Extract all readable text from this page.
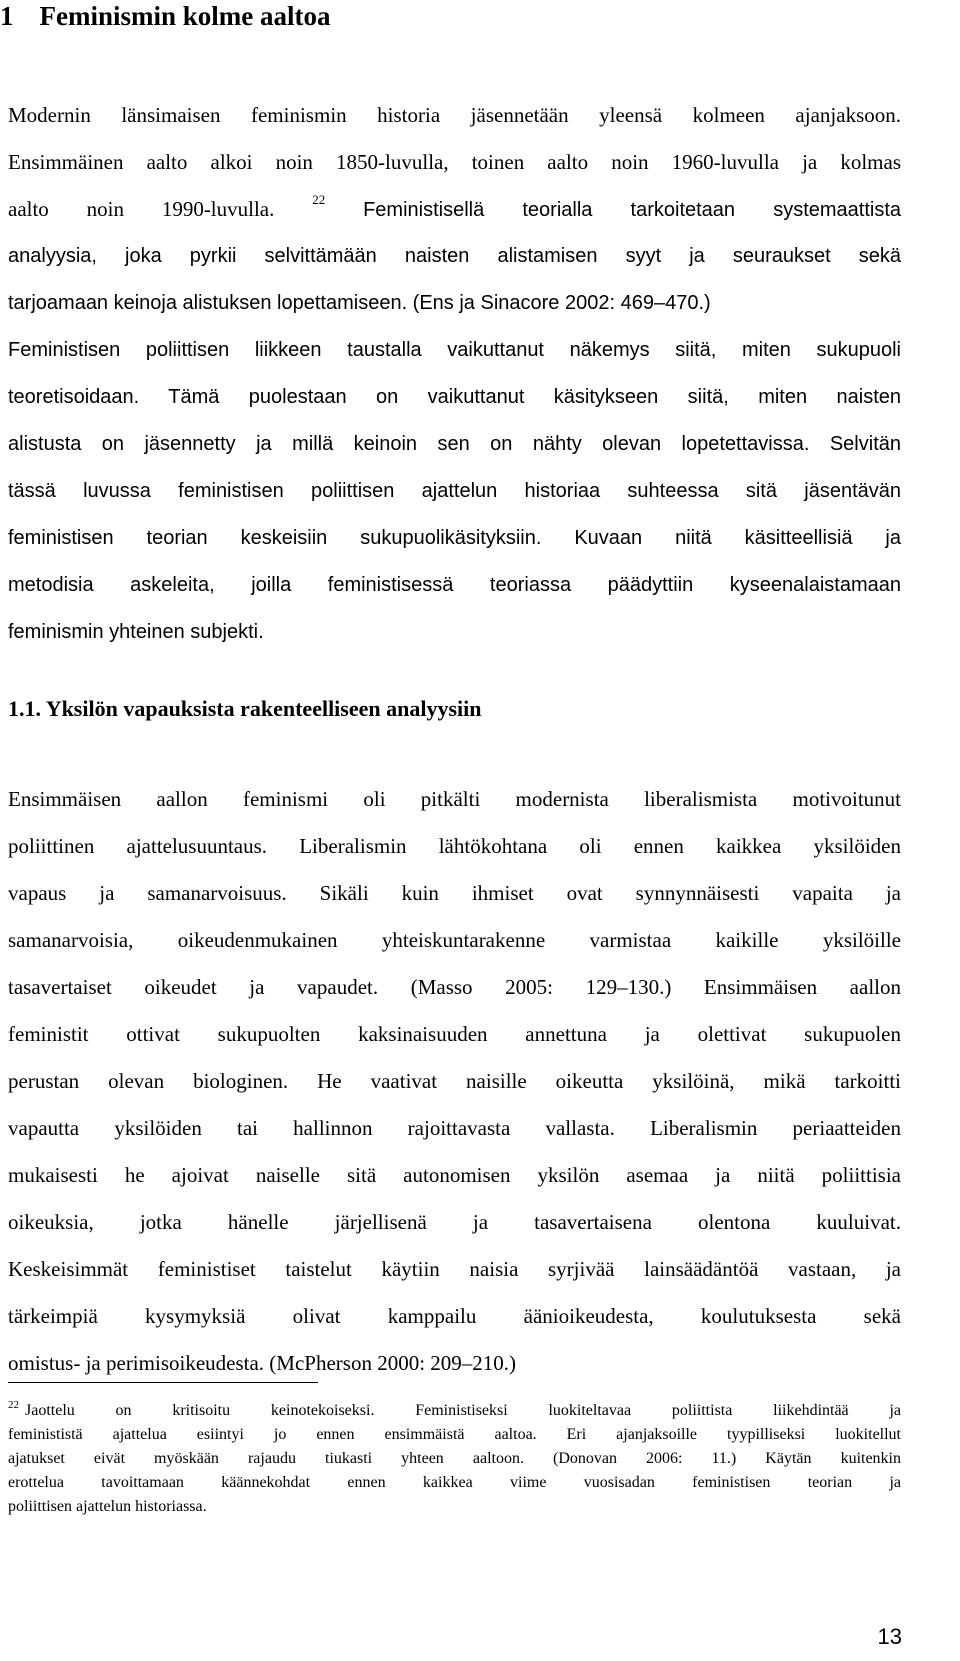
1 Feminismin kolme aaltoa
Modernin länsimaisen feminismin historia jäsennetään yleensä kolmeen ajanjaksoon.
Ensimmäinen aalto alkoi noin 1850-luvulla, toinen aalto noin 1960-luvulla ja kolmas
aalto noin 1990-luvulla.	$^{22}$ Feministisellä teorialla tarkoitetaan systemaattista
analyysia, joka pyrkii selvittämään naisten alistamisen syyt ja seuraukset sekä
tarjoamaan keinoja alistuksen lopettamiseen. (Ens ja Sinacore 2002: 469–470.)
Feministisen poliittisen liikkeen taustalla vaikuttanut näkemys siitä, miten sukupuoli
teoretisoidaan. Tämä puolestaan on vaikuttanut käsitykseen siitä, miten naisten
alistusta on jäsennetty ja millä keinoin sen on nähty olevan lopetettavissa. Selvitän
tässä luvussa feministisen poliittisen ajattelun historiaa suhteessa sitä jäsentävän
feministisen teorian keskeisiin sukupuolikäsityksiin. Kuvaan niitä käsitteellisiä ja
metodisia askeleita, joilla feministisessä teoriassa päädyttiin kyseenalaistamaan
feminismin yhteinen subjekti.
1.1. Yksilön vapauksista rakenteelliseen analyysiin
Ensimmäisen aallon feminismi oli pitkälti modernista liberalismista motivoitunut
poliittinen ajattelusuuntaus. Liberalismin lähtökohtana oli ennen kaikkea yksilöiden
vapaus ja samanarvoisuus. Sikäli kuin ihmiset ovat synnynnäisesti vapaita ja
samanarvoisia, oikeudenmukainen yhteiskuntarakenne varmistaa kaikille yksilöille
tasavertaiset oikeudet ja vapaudet. (Masso 2005: 129–130.) Ensimmäisen aallon
feministit ottivat sukupuolten kaksinaisuuden annettuna ja olettivat sukupuolen
perustan olevan biologinen. He vaativat naisille oikeutta yksilöinä, mikä tarkoitti
vapautta yksilöiden tai hallinnon rajoittavasta vallasta. Liberalismin periaatteiden
mukaisesti he ajoivat naiselle sitä autonomisen yksilön asemaa ja niitä poliittisia
oikeuksia, jotka hänelle järjellisenä ja tasavertaisena olentona kuuluivat.
Keskeisimmät feministiset taistelut käytiin naisia syrjivää lainsäädäntöä vastaan, ja
tärkeimpiä kysymyksiä olivat kamppailu äänioikeudesta, koulutuksesta sekä
omistus- ja perimisoikeudesta. (McPherson 2000: 209–210.)
$^{22}$ Jaottelu on kritisoitu keinotekoiseksi. Feministiseksi luokiteltavaa poliittista liikehdintää ja
feminististä ajattelua esiintyi jo ennen ensimmäistä aaltoa. Eri ajanjaksoille tyypilliseksi luokitellut
ajatukset eivät myöskään rajaudu tiukasti yhteen aaltoon. (Donovan 2006: 11.) Käytän kuitenkin
erottelua tavoittamaan käännekohdat ennen kaikkea viime vuosisadan feministisen teorian ja
poliittisen ajattelun historiassa.
13
